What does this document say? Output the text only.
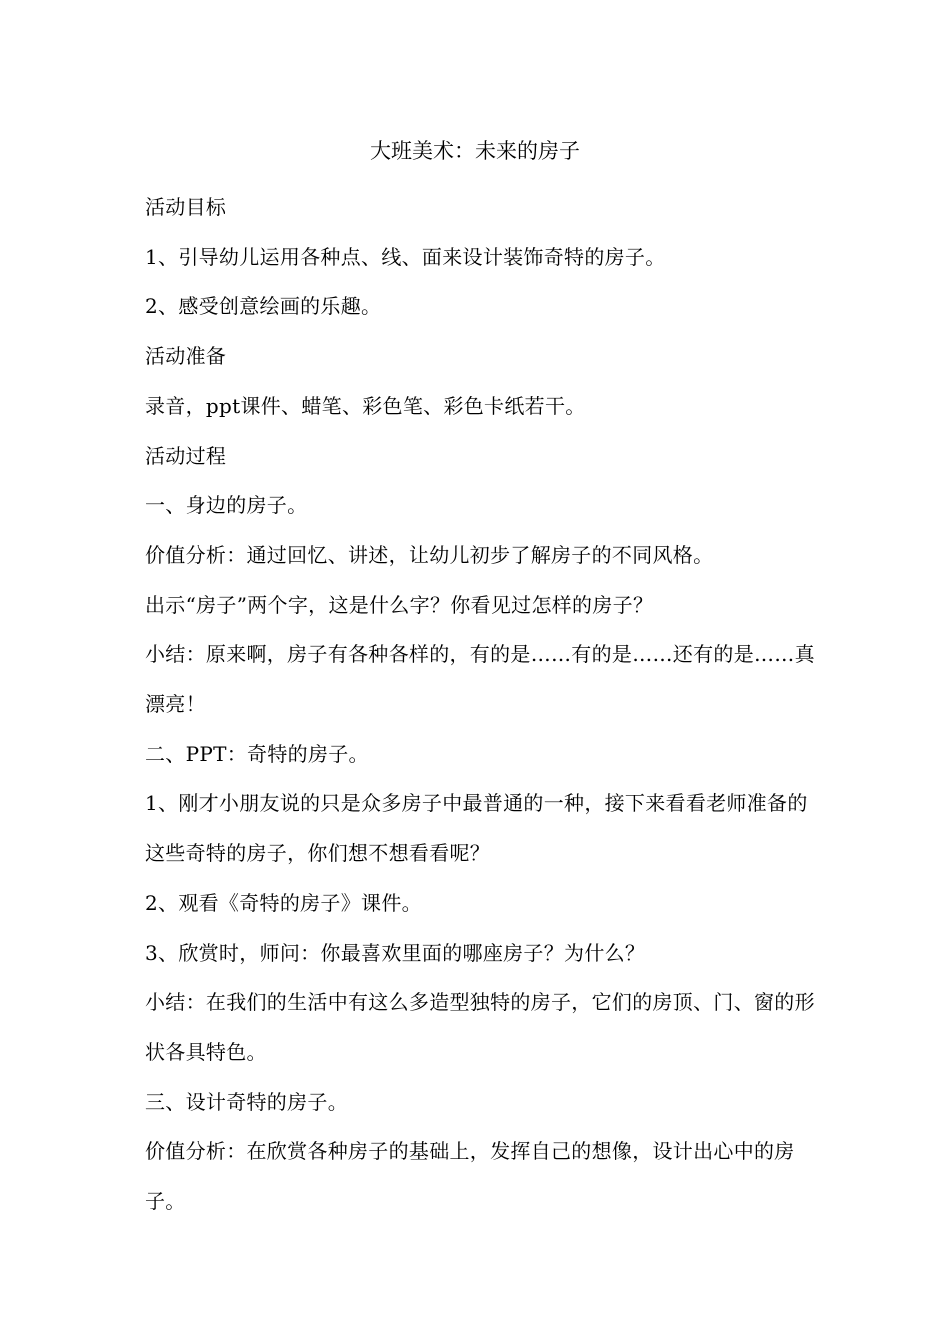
大班美术：未来的房子

活动目标

1、引导幼儿运用各种点、线、面来设计装饰奇特的房子。

2、感受创意绘画的乐趣。

活动准备

录音，ppt课件、蜡笔、彩色笔、彩色卡纸若干。

活动过程

一、身边的房子。

价值分析：通过回忆、讲述，让幼儿初步了解房子的不同风格。

出示“房子”两个字，这是什么字？你看见过怎样的房子？

小结：原来啊，房子有各种各样的，有的是……有的是……还有的是……真漂亮！

二、PPT：奇特的房子。

1、刚才小朋友说的只是众多房子中最普通的一种，接下来看看老师准备的这些奇特的房子，你们想不想看看呢？

2、观看《奇特的房子》课件。

3、欣赏时，师问：你最喜欢里面的哪座房子？为什么？

小结：在我们的生活中有这么多造型独特的房子，它们的房顶、门、窗的形状各具特色。

三、设计奇特的房子。

价值分析：在欣赏各种房子的基础上，发挥自己的想像，设计出心中的房子。
